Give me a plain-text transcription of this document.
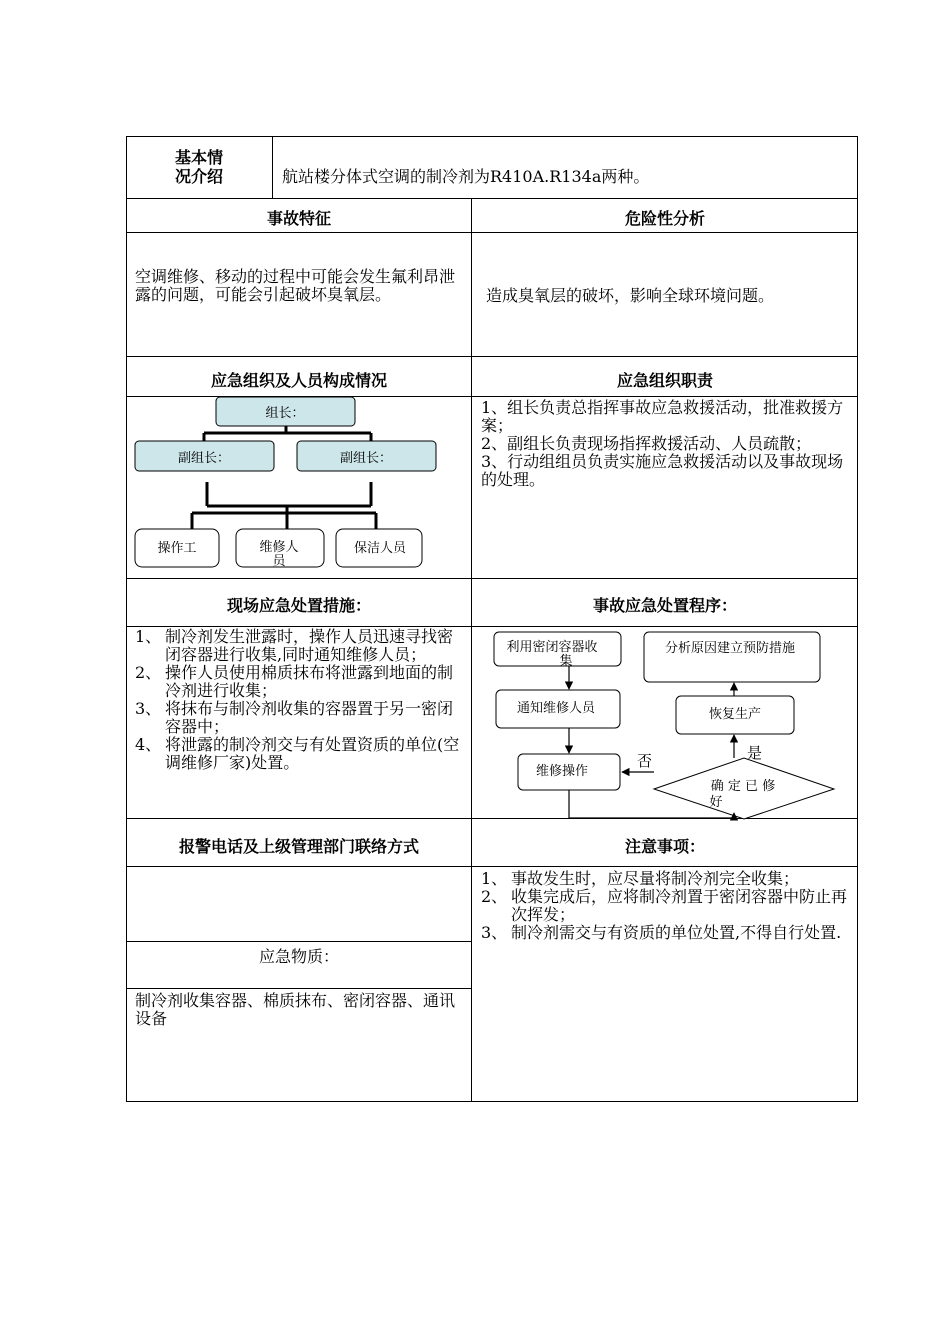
基本情
况介绍	航站楼分体式空调的制冷剂为R410A.R134a两种。
事故特征	危险性分析
空调维修、移动的过程中可能会发生氟利昂泄露的问题，可能会引起破坏臭氧层。	造成臭氧层的破坏，影响全球环境问题。
应急组织及人员构成情况	应急组织职责
组长：
副组长：	副组长：
操作工	维修人
员
保洁人员
1、组长负责总指挥事故应急救援活动，批准救援方案；
2、副组长负责现场指挥救援活动、人员疏散；
3、行动组组员负责实施应急救援活动以及事故现场的处理。
现场应急处置措施：	事故应急处置程序：
1、 制冷剂发生泄露时，操作人员迅速寻找密闭容器进行收集,同时通知维修人员；
2、 操作人员使用棉质抹布将泄露到地面的制冷剂进行收集；
3、 将抹布与制冷剂收集的容器置于另一密闭容器中；
4、 将泄露的制冷剂交与有处置资质的单位(空调维修厂家)处置。
利用密闭容器收
集
通知维修人员
维修操作
确 定 已 修
好
恢复生产
分析原因建立预防措施
否	是
报警电话及上级管理部门联络方式	注意事项：
应急物质：
制冷剂收集容器、棉质抹布、密闭容器、通讯设备
1、 事故发生时，应尽量将制冷剂完全收集；
2、 收集完成后，应将制冷剂置于密闭容器中防止再次挥发；
3、 制冷剂需交与有资质的单位处置,不得自行处置.
